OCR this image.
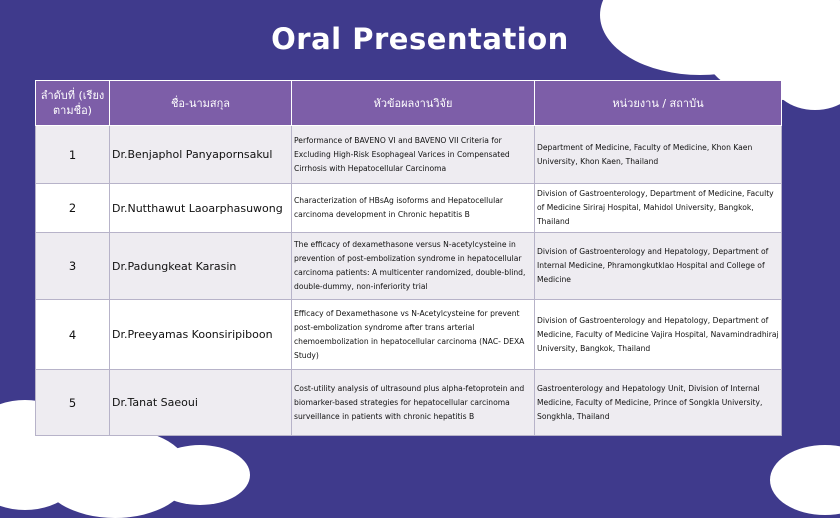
Oral Presentation
ลำดับที่ (เรียงตามชื่อ)	ชื่อ-นามสกุล	หัวข้อผลงานวิจัย	หน่วยงาน / สถาบัน
1	Dr.Benjaphol Panyapornsakul	Performance of BAVENO VI and BAVENO VII Criteria for Excluding High-Risk Esophageal Varices in Compensated Cirrhosis with Hepatocellular Carcinoma	Department of Medicine, Faculty of Medicine, Khon Kaen University, Khon Kaen, Thailand
2	Dr.Nutthawut Laoarphasuwong	Characterization of HBsAg isoforms and Hepatocellular carcinoma development in Chronic hepatitis B	Division of Gastroenterology, Department of Medicine, Faculty of Medicine Siriraj Hospital, Mahidol University, Bangkok, Thailand
3	Dr.Padungkeat Karasin	The efficacy of dexamethasone versus N-acetylcysteine in prevention of post-embolization syndrome in hepatocellular carcinoma patients: A multicenter randomized, double-blind, double-dummy, non-inferiority trial	Division of Gastroenterology and Hepatology, Department of Internal Medicine, Phramongkutklao Hospital and College of Medicine
4	Dr.Preeyamas Koonsiripiboon	Efficacy of Dexamethasone vs N-Acetylcysteine for prevent post-embolization syndrome after trans arterial chemoembolization in hepatocellular carcinoma (NAC- DEXA Study)	Division of Gastroenterology and Hepatology, Department of Medicine, Faculty of Medicine Vajira Hospital, Navamindradhiraj University, Bangkok, Thailand
5	Dr.Tanat Saeoui	Cost-utility analysis of ultrasound plus alpha-fetoprotein and biomarker-based strategies for hepatocellular carcinoma surveillance in patients with chronic hepatitis B	Gastroenterology and Hepatology Unit, Division of Internal Medicine, Faculty of Medicine, Prince of Songkla University, Songkhla, Thailand
